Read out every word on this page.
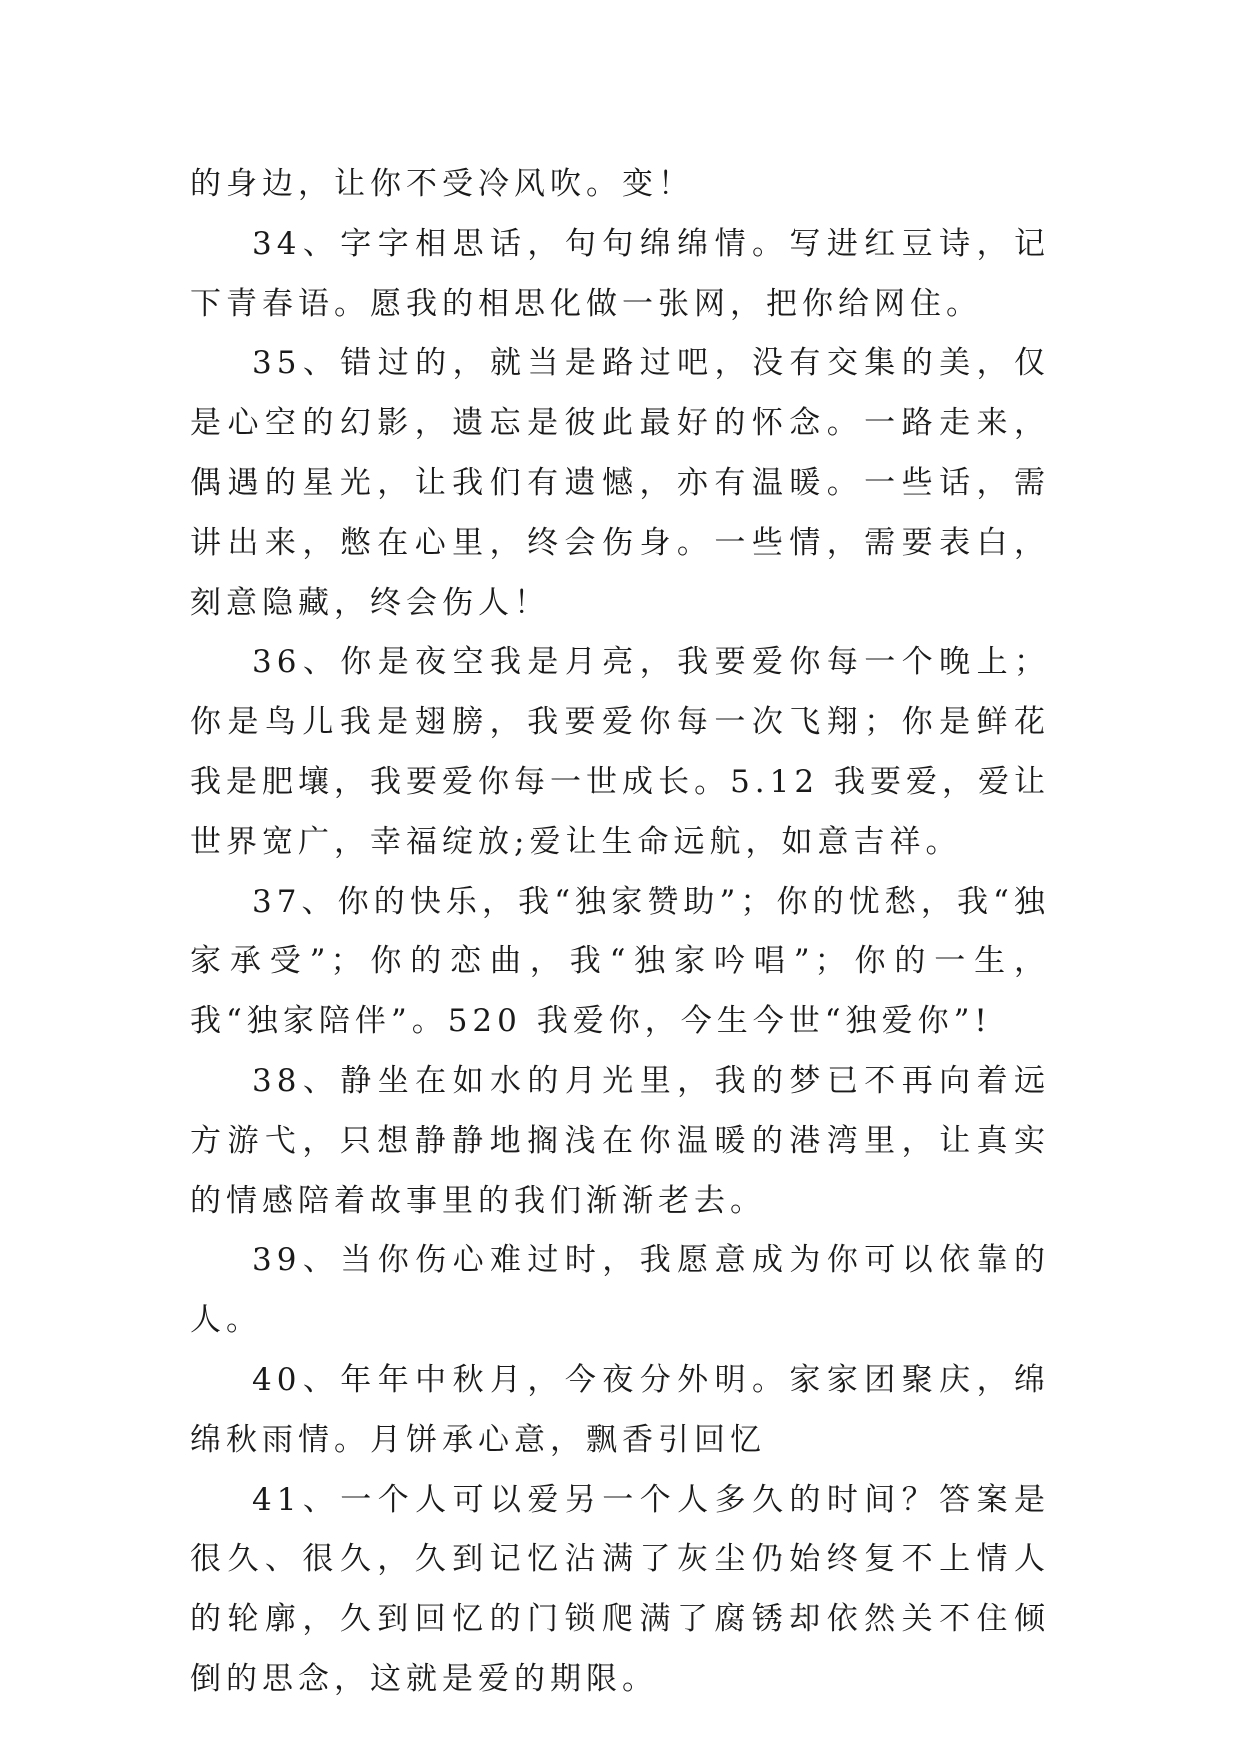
的身边，让你不受冷风吹。变！

34、字字相思话，句句绵绵情。写进红豆诗，记下青春语。愿我的相思化做一张网，把你给网住。

35、错过的，就当是路过吧，没有交集的美，仅是心空的幻影，遗忘是彼此最好的怀念。一路走来，偶遇的星光，让我们有遗憾，亦有温暖。一些话，需讲出来，憋在心里，终会伤身。一些情，需要表白，刻意隐藏，终会伤人！

36、你是夜空我是月亮，我要爱你每一个晚上；你是鸟儿我是翅膀，我要爱你每一次飞翔；你是鲜花我是肥壤，我要爱你每一世成长。5.12 我要爱，爱让世界宽广，幸福绽放;爱让生命远航，如意吉祥。

37、你的快乐，我“独家赞助”；你的忧愁，我“独家承受”；你的恋曲，我“独家吟唱”；你的一生，我“独家陪伴”。520 我爱你，今生今世“独爱你”!

38、静坐在如水的月光里，我的梦已不再向着远方游弋，只想静静地搁浅在你温暖的港湾里，让真实的情感陪着故事里的我们渐渐老去。

39、当你伤心难过时，我愿意成为你可以依靠的人。

40、年年中秋月，今夜分外明。家家团聚庆，绵绵秋雨情。月饼承心意，飘香引回忆

41、一个人可以爱另一个人多久的时间？答案是很久、很久，久到记忆沾满了灰尘仍始终复不上情人的轮廓，久到回忆的门锁爬满了腐锈却依然关不住倾倒的思念，这就是爱的期限。
